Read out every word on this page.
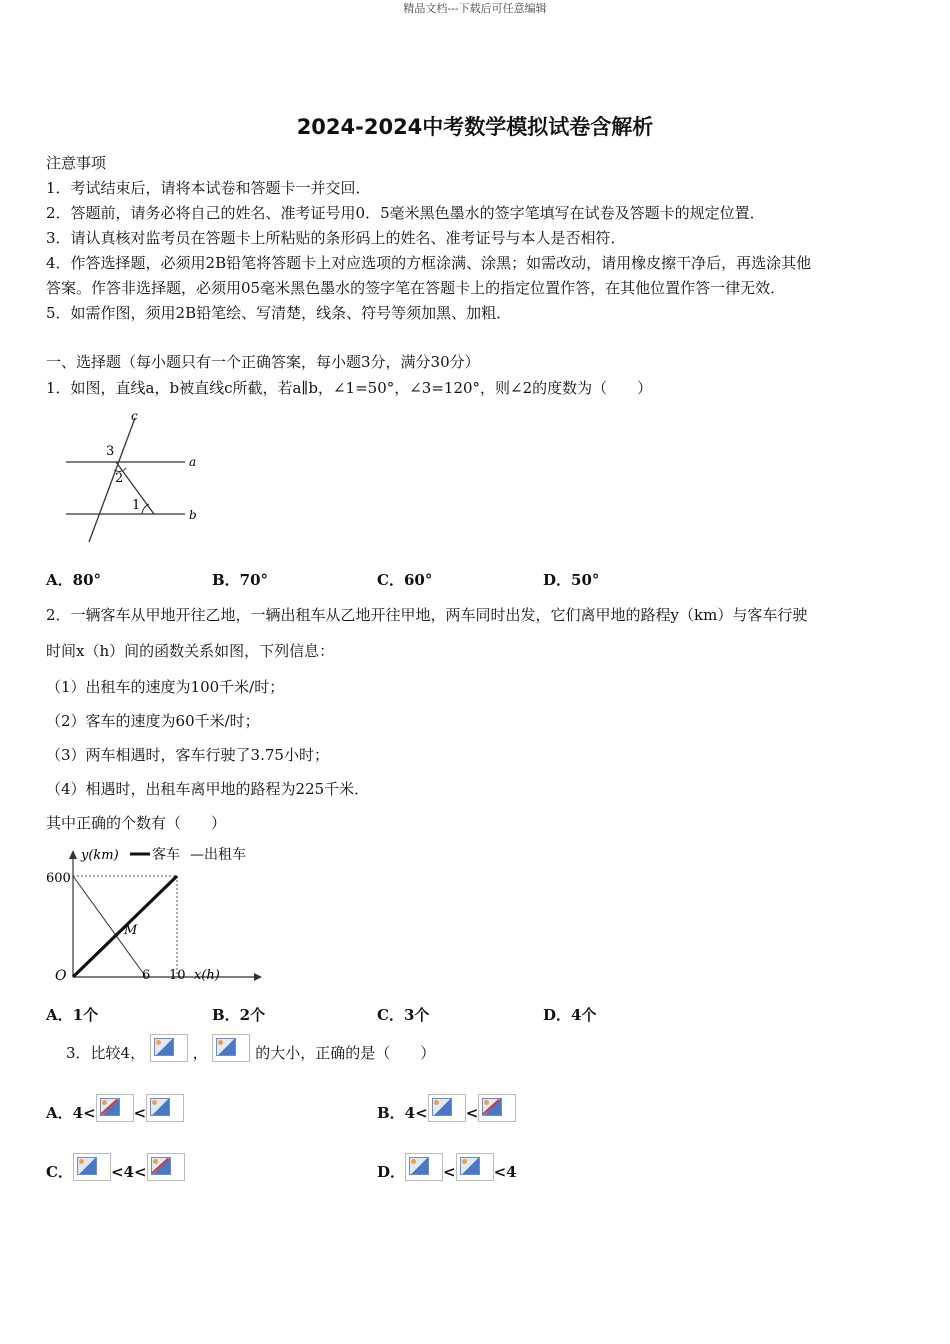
精品文档---下载后可任意编辑
2024-2024中考数学模拟试卷含解析
注意事项
1．考试结束后，请将本试卷和答题卡一并交回．
2．答题前，请务必将自己的姓名、准考证号用0．5毫米黑色墨水的签字笔填写在试卷及答题卡的规定位置．
3．请认真核对监考员在答题卡上所粘贴的条形码上的姓名、准考证号与本人是否相符．
4．作答选择题，必须用2B铅笔将答题卡上对应选项的方框涂满、涂黑；如需改动，请用橡皮擦干净后，再选涂其他
答案。作答非选择题，必须用05毫米黑色墨水的签字笔在答题卡上的指定位置作答，在其他位置作答一律无效．
5．如需作图，须用2B铅笔绘、写清楚，线条、符号等须加黑、加粗．
一、选择题（每小题只有一个正确答案，每小题3分，满分30分）
1．如图，直线a，b被直线c所截，若a∥b，∠1=50°，∠3=120°，则∠2的度数为（　　）
c
a
b
3
2
1
A．80°	B．70°	C．60°	D．50°
2．一辆客车从甲地开往乙地，一辆出租车从乙地开往甲地，两车同时出发，它们离甲地的路程y（km）与客车行驶
时间x（h）间的函数关系如图，下列信息：
（1）出租车的速度为100千米/时；
（2）客车的速度为60千米/时；
（3）两车相遇时，客车行驶了3.75小时；
（4）相遇时，出租车离甲地的路程为225千米．
其中正确的个数有（　　）
y(km) 客车 —出租车
600
O	6 10 x(h)
M
A．1个	B．2个	C．3个	D．4个
3．比较4，	，	的大小，正确的是（　　）
A．4<	<	B．4<	<
C．	<4<	D．	<	<4
